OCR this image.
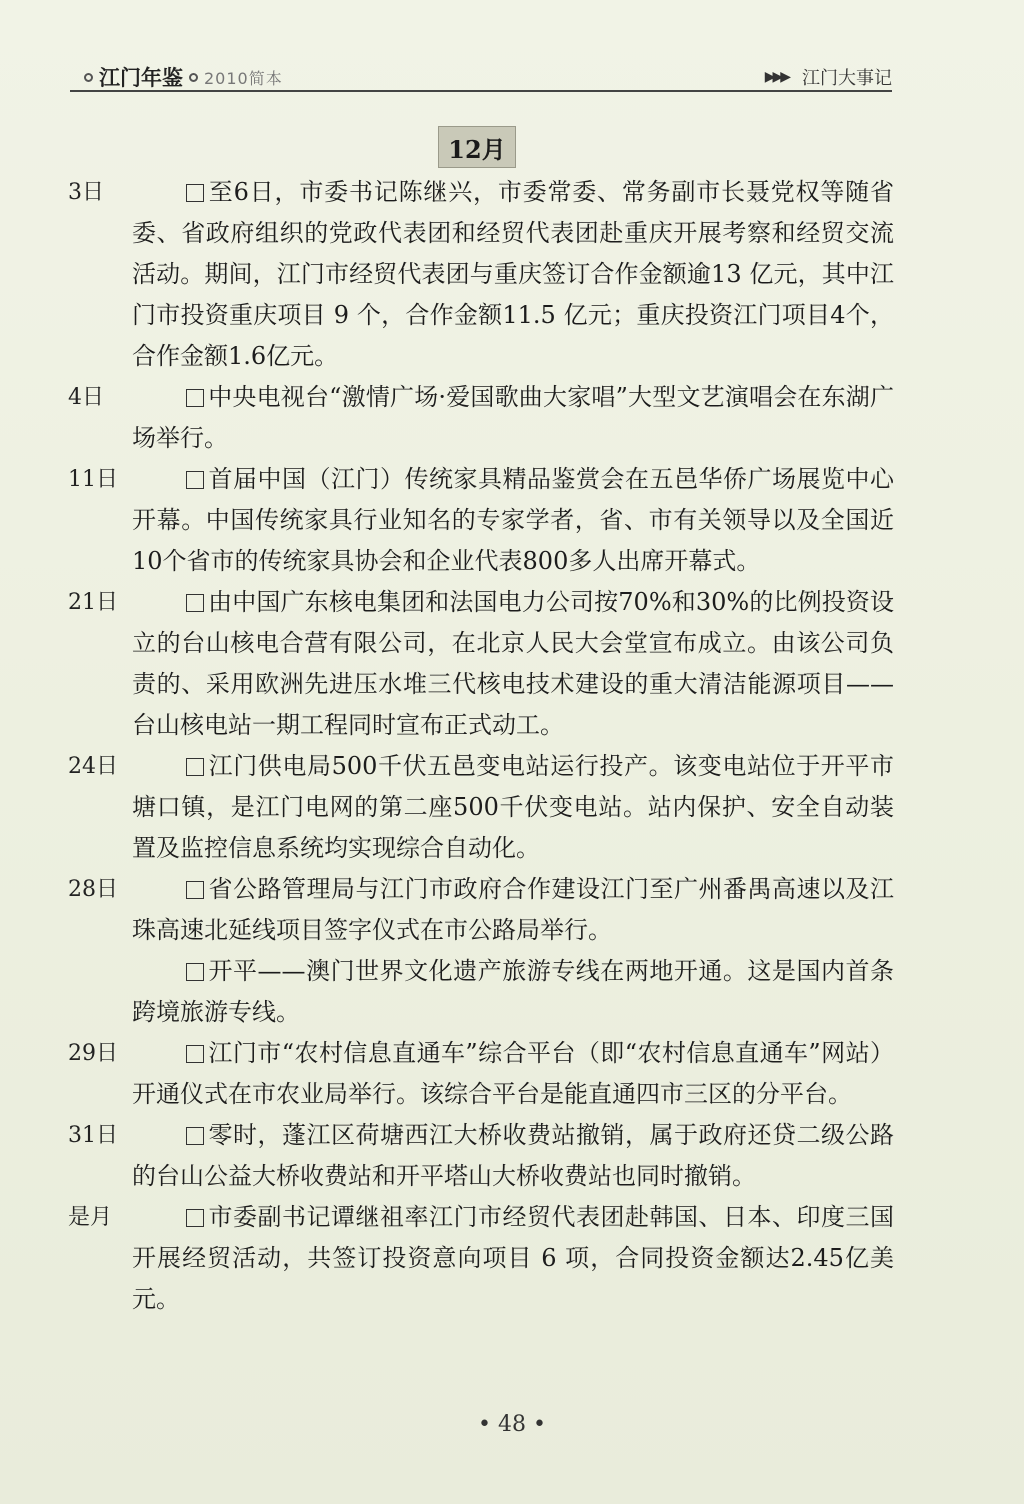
江门年鉴 2010简本	▶▶▶ 江门大事记
12月
3日	至6日，市委书记陈继兴，市委常委、常务副市长聂党权等随省委、省政府组织的党政代表团和经贸代表团赴重庆开展考察和经贸交流活动。期间，江门市经贸代表团与重庆签订合作金额逾13 亿元，其中江门市投资重庆项目 9 个，合作金额11.5 亿元；重庆投资江门项目4个，合作金额1.6亿元。
4日	中央电视台“激情广场·爱国歌曲大家唱”大型文艺演唱会在东湖广场举行。
11日	首届中国（江门）传统家具精品鉴赏会在五邑华侨广场展览中心开幕。中国传统家具行业知名的专家学者，省、市有关领导以及全国近10个省市的传统家具协会和企业代表800多人出席开幕式。
21日	由中国广东核电集团和法国电力公司按70%和30%的比例投资设立的台山核电合营有限公司，在北京人民大会堂宣布成立。由该公司负责的、采用欧洲先进压水堆三代核电技术建设的重大清洁能源项目——台山核电站一期工程同时宣布正式动工。
24日	江门供电局500千伏五邑变电站运行投产。该变电站位于开平市塘口镇，是江门电网的第二座500千伏变电站。站内保护、安全自动装置及监控信息系统均实现综合自动化。
28日	省公路管理局与江门市政府合作建设江门至广州番禺高速以及江珠高速北延线项目签字仪式在市公路局举行。
开平——澳门世界文化遗产旅游专线在两地开通。这是国内首条跨境旅游专线。
29日	江门市“农村信息直通车”综合平台（即“农村信息直通车”网站）开通仪式在市农业局举行。该综合平台是能直通四市三区的分平台。
31日	零时，蓬江区荷塘西江大桥收费站撤销，属于政府还贷二级公路的台山公益大桥收费站和开平塔山大桥收费站也同时撤销。
是月	市委副书记谭继祖率江门市经贸代表团赴韩国、日本、印度三国开展经贸活动，共签订投资意向项目 6 项，合同投资金额达2.45亿美元。
• 48 •
